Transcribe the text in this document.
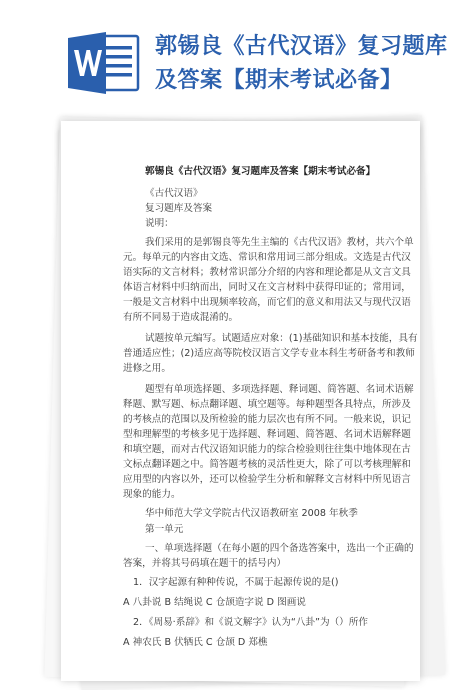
郭锡良《古代汉语》复习题库
及答案【期末考试必备】
郭锡良《古代汉语》复习题库及答案【期末考试必备】
《古代汉语》
复习题库及答案
说明：
我们采用的是郭锡良等先生主编的《古代汉语》教材，共六个单
元。每单元的内容由文选、常识和常用词三部分组成。文选是古代汉
语实际的文言材料；教材常识部分介绍的内容和理论都是从文言文具
体语言材料中归纳而出，同时又在文言材料中获得印证的；常用词，
一般是文言材料中出现频率较高，而它们的意义和用法又与现代汉语
有所不同易于造成混淆的。
试题按单元编写。试题适应对象：(1)基础知识和基本技能，具有
普通适应性；(2)适应高等院校汉语言文学专业本科生考研备考和教师
进修之用。
题型有单项选择题、多项选择题、释词题、简答题、名词术语解
释题、默写题、标点翻译题、填空题等。每种题型各具特点，所涉及
的考核点的范围以及所检验的能力层次也有所不同。一般来说，识记
型和理解型的考核多见于选择题、释词题、简答题、名词术语解释题
和填空题，而对古代汉语知识能力的综合检验则往往集中地体现在古
文标点翻译题之中。简答题考核的灵活性更大，除了可以考核理解和
应用型的内容以外，还可以检验学生分析和解释文言材料中所见语言
现象的能力。
华中师范大学文学院古代汉语教研室 2008 年秋季
第一单元
一、单项选择题（在每小题的四个备选答案中，选出一个正确的
答案，并将其号码填在题干的括号内）
1．汉字起源有种种传说，不属于起源传说的是()
A 八卦说 B 结绳说 C 仓颉造字说 D 图画说
2．《周易·系辞》和《说文解字》认为“八卦”为（）所作
A 神农氏 B 伏牺氏 C 仓颉 D 郑樵
